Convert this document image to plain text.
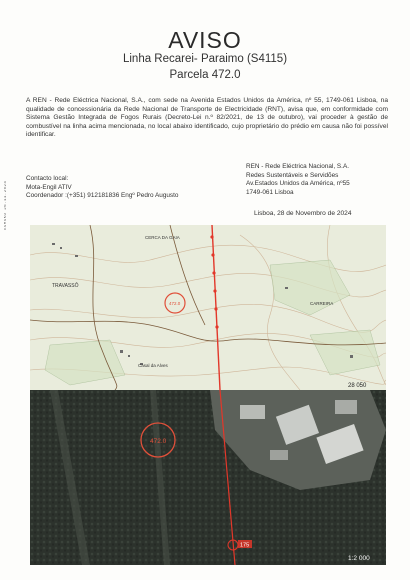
E5MSKU 26.11.2024
AVISO
Linha Recarei- Paraimo (S4115)
Parcela 472.0
A REN - Rede Eléctrica Nacional, S.A., com sede na Avenida Estados Unidos da América, nº 55, 1749-061 Lisboa, na qualidade de concessionária da Rede Nacional de Transporte de Electricidade (RNT), avisa que, em conformidade com Sistema Gestão Integrada de Fogos Rurais (Decreto-Lei n.º 82/2021, de 13 de outubro), vai proceder à gestão de combustível na linha acima mencionada, no local abaixo identificado, cujo proprietário do prédio em causa não foi possível identificar.
Contacto local:
Mota-Engil ATIV
Coordenador :(+351) 912181836 Engº Pedro Augusto
REN - Rede Eléctrica Nacional, S.A.
Redes Sustentáveis e Servidões
Av.Estados Unidos da América, nº55
1749-061 Lisboa
Lisboa, 28 de Novembro de 2024
TRAVASSÔ
CERCA DA GAIA
Casal da Alves
CARREIRA
28 050
472.0
472.0
175
1:2 000
